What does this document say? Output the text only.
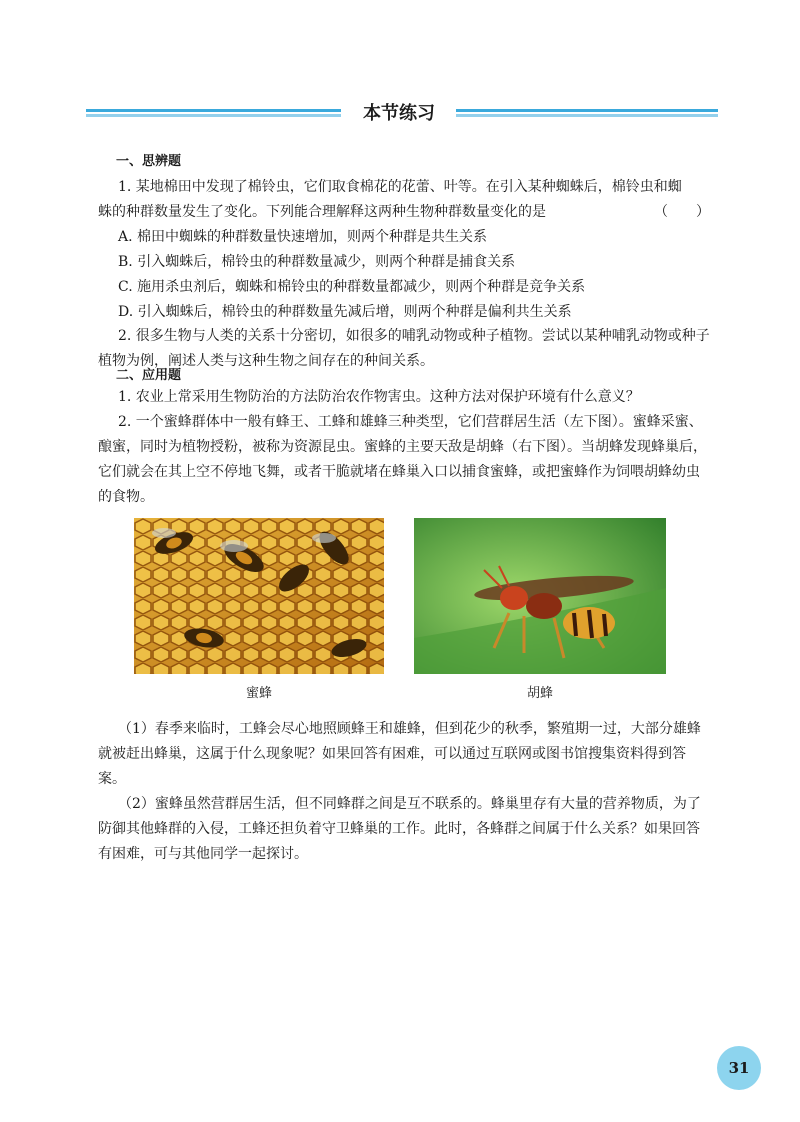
本节练习
一、思辨题
1. 某地棉田中发现了棉铃虫，它们取食棉花的花蕾、叶等。在引入某种蜘蛛后，棉铃虫和蜘
蛛的种群数量发生了变化。下列能合理解释这两种生物种群数量变化的是	（　　）
A. 棉田中蜘蛛的种群数量快速增加，则两个种群是共生关系
B. 引入蜘蛛后，棉铃虫的种群数量减少，则两个种群是捕食关系
C. 施用杀虫剂后，蜘蛛和棉铃虫的种群数量都减少，则两个种群是竞争关系
D. 引入蜘蛛后，棉铃虫的种群数量先减后增，则两个种群是偏利共生关系

2. 很多生物与人类的关系十分密切，如很多的哺乳动物或种子植物。尝试以某种哺乳动物或种子植物为例，阐述人类与这种生物之间存在的种间关系。

二、应用题

1. 农业上常采用生物防治的方法防治农作物害虫。这种方法对保护环境有什么意义？

2. 一个蜜蜂群体中一般有蜂王、工蜂和雄蜂三种类型，它们营群居生活（左下图）。蜜蜂采蜜、酿蜜，同时为植物授粉，被称为资源昆虫。蜜蜂的主要天敌是胡蜂（右下图）。当胡蜂发现蜂巢后，它们就会在其上空不停地飞舞，或者干脆就堵在蜂巢入口以捕食蜜蜂，或把蜜蜂作为饲喂胡蜂幼虫的食物。

蜜蜂	胡蜂

（1）春季来临时，工蜂会尽心地照顾蜂王和雄蜂，但到花少的秋季，繁殖期一过，大部分雄蜂就被赶出蜂巢，这属于什么现象呢？如果回答有困难，可以通过互联网或图书馆搜集资料得到答案。

（2）蜜蜂虽然营群居生活，但不同蜂群之间是互不联系的。蜂巢里存有大量的营养物质，为了防御其他蜂群的入侵，工蜂还担负着守卫蜂巢的工作。此时，各蜂群之间属于什么关系？如果回答有困难，可与其他同学一起探讨。

31
